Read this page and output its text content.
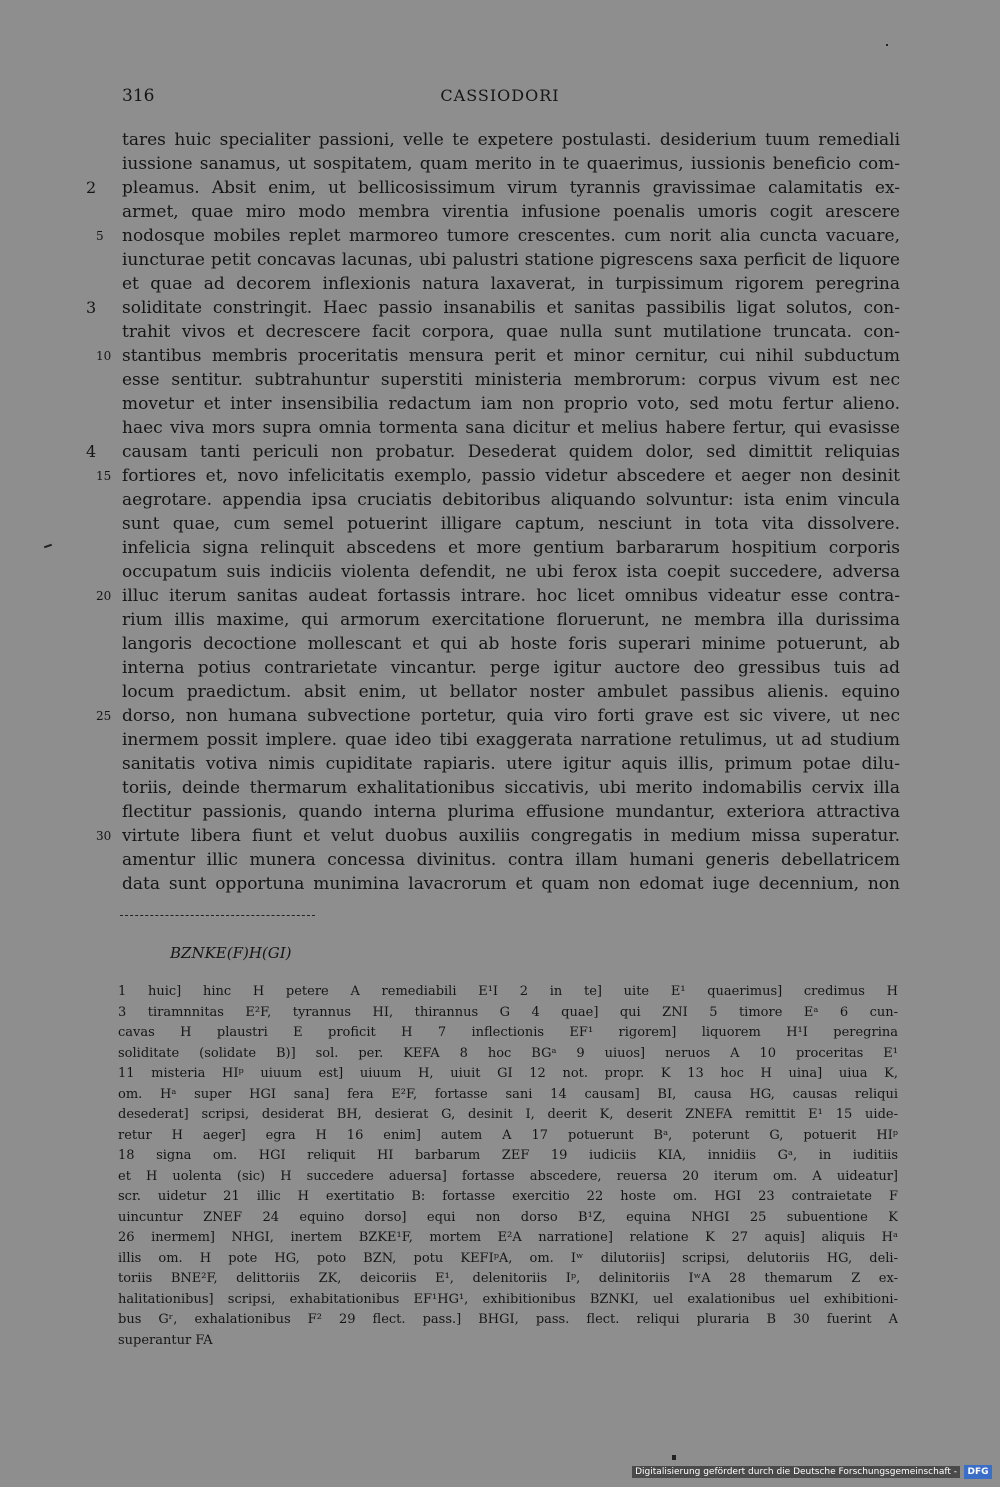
316	CASSIODORI
tares huic specialiter passioni, velle te expetere postulasti. desiderium tuum remediali
iussione sanamus, ut sospitatem, quam merito in te quaerimus, iussionis beneficio com-
pleamus. Absit enim, ut bellicosissimum virum tyrannis gravissimae calamitatis ex-
armet, quae miro modo membra virentia infusione poenalis umoris cogit arescere
nodosque mobiles replet marmoreo tumore crescentes. cum norit alia cuncta vacuare,
iuncturae petit concavas lacunas, ubi palustri statione pigrescens saxa perficit de liquore
et quae ad decorem inflexionis natura laxaverat, in turpissimum rigorem peregrina
soliditate constringit. Haec passio insanabilis et sanitas passibilis ligat solutos, con-
trahit vivos et decrescere facit corpora, quae nulla sunt mutilatione truncata. con-
stantibus membris proceritatis mensura perit et minor cernitur, cui nihil subductum
esse sentitur. subtrahuntur superstiti ministeria membrorum: corpus vivum est nec
movetur et inter insensibilia redactum iam non proprio voto, sed motu fertur alieno.
haec viva mors supra omnia tormenta sana dicitur et melius habere fertur, qui evasisse
causam tanti periculi non probatur. Desederat quidem dolor, sed dimittit reliquias
fortiores et, novo infelicitatis exemplo, passio videtur abscedere et aeger non desinit
aegrotare. appendia ipsa cruciatis debitoribus aliquando solvuntur: ista enim vincula
sunt quae, cum semel potuerint illigare captum, nesciunt in tota vita dissolvere.
infelicia signa relinquit abscedens et more gentium barbararum hospitium corporis
occupatum suis indiciis violenta defendit, ne ubi ferox ista coepit succedere, adversa
illuc iterum sanitas audeat fortassis intrare. hoc licet omnibus videatur esse contra-
rium illis maxime, qui armorum exercitatione floruerunt, ne membra illa durissima
langoris decoctione mollescant et qui ab hoste foris superari minime potuerunt, ab
interna potius contrarietate vincantur. perge igitur auctore deo gressibus tuis ad
locum praedictum. absit enim, ut bellator noster ambulet passibus alienis. equino
dorso, non humana subvectione portetur, quia viro forti grave est sic vivere, ut nec
inermem possit implere. quae ideo tibi exaggerata narratione retulimus, ut ad studium
sanitatis votiva nimis cupiditate rapiaris. utere igitur aquis illis, primum potae dilu-
toriis, deinde thermarum exhalitationibus siccativis, ubi merito indomabilis cervix illa
flectitur passionis, quando interna plurima effusione mundantur, exteriora attractiva
virtute libera fiunt et velut duobus auxiliis congregatis in medium missa superatur.
amentur illic munera concessa divinitus. contra illam humani generis debellatricem
data sunt opportuna munimina lavacrorum et quam non edomat iuge decennium, non
2
3
4
5
10
15
20
25
30
BZNKE(F)H(GI)
1 huic] hinc H petere A remediabili E¹I 2 in te] uite E¹ quaerimus] credimus H
3 tiramnnitas E²F, tyrannus HI, thirannus G 4 quae] qui ZNI 5 timore Eᵃ 6 cun-
cavas H plaustri E proficit H 7 inflectionis EF¹ rigorem] liquorem H¹I peregrina
soliditate (solidate B)] sol. per. KEFA 8 hoc BGᵃ 9 uiuos] neruos A 10 proceritas E¹
11 misteria HIᵖ uiuum est] uiuum H, uiuit GI 12 not. propr. K 13 hoc H uina] uiua K,
om. Hᵃ super HGI sana] fera E²F, fortasse sani 14 causam] BI, causa HG, causas reliqui
desederat] scripsi, desiderat BH, desierat G, desinit I, deerit K, deserit ZNEFA remittit E¹ 15 uide-
retur H aeger] egra H 16 enim] autem A 17 potuerunt Bᵃ, poterunt G, potuerit HIᵖ
18 signa om. HGI reliquit HI barbarum ZEF 19 iudiciis KIA, innidiis Gᵃ, in iuditiis
et H uolenta (sic) H succedere aduersa] fortasse abscedere, reuersa 20 iterum om. A uideatur]
scr. uidetur 21 illic H exertitatio B: fortasse exercitio 22 hoste om. HGI 23 contraietate F
uincuntur ZNEF 24 equino dorso] equi non dorso B¹Z, equina NHGI 25 subuentione K
26 inermem] NHGI, inertem BZKE¹F, mortem E²A narratione] relatione K 27 aquis] aliquis Hᵃ
illis om. H pote HG, poto BZN, potu KEFIᵖA, om. Iʷ dilutoriis] scripsi, delutoriis HG, deli-
toriis BNE²F, delittoriis ZK, deicoriis E¹, delenitoriis Iᵖ, delinitoriis IʷA 28 themarum Z ex-
halitationibus] scripsi, exhabitationibus EF¹HG¹, exhibitionibus BZNKI, uel exalationibus uel exhibitioni-
bus Gʳ, exhalationibus F² 29 flect. pass.] BHGI, pass. flect. reliqui pluraria B 30 fuerint A
superantur FA
Digitalisierung gefördert durch die Deutsche Forschungsgemeinschaft -	DFG
